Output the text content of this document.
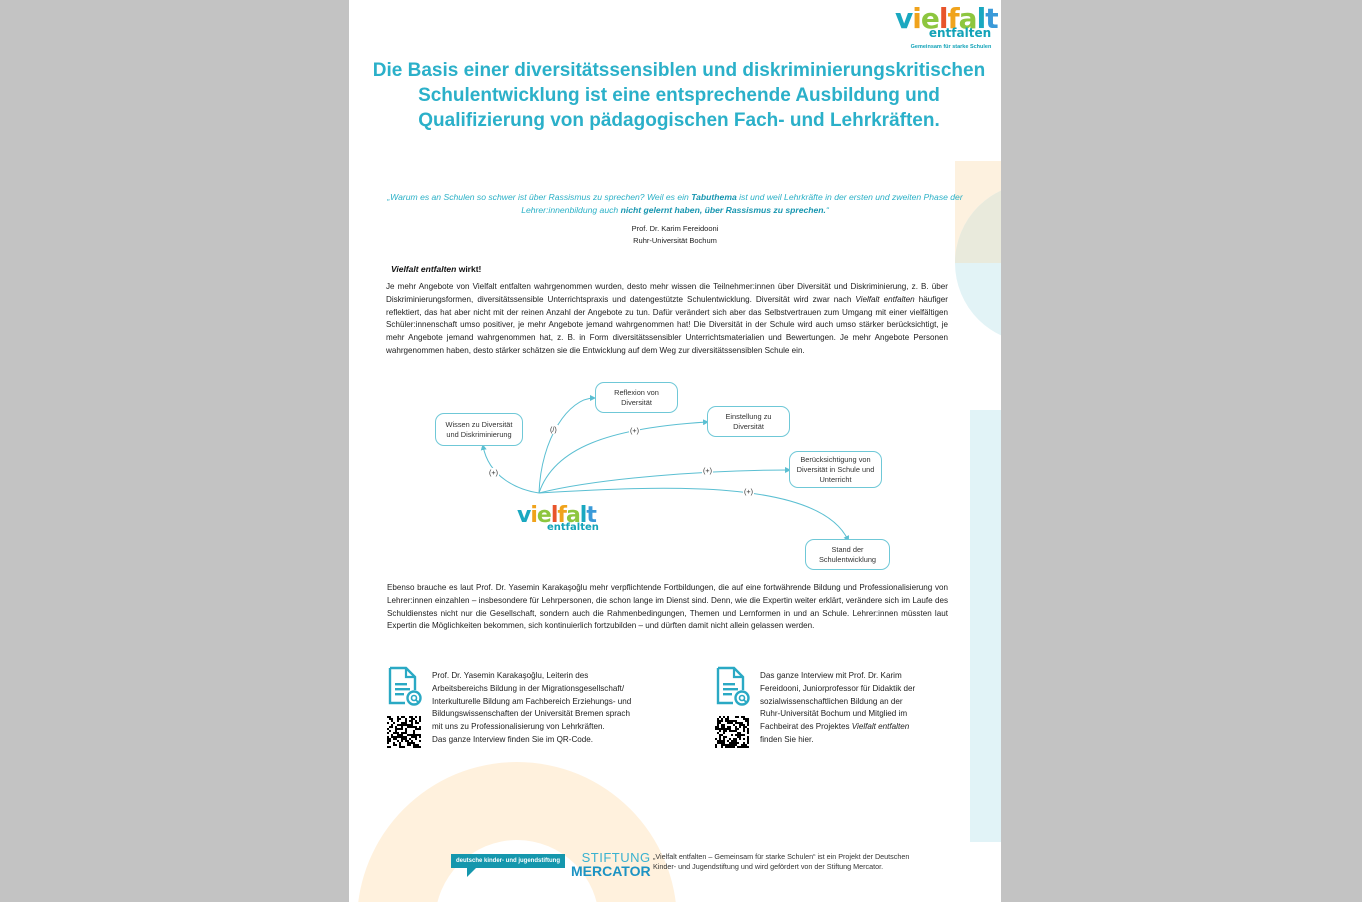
vielfalt
entfalten
Gemeinsam für starke Schulen
Die Basis einer diversitätssensiblen und diskriminierungskritischen Schulentwicklung ist eine entsprechende Ausbildung und Qualifizierung von pädagogischen Fach- und Lehrkräften.
„Warum es an Schulen so schwer ist über Rassismus zu sprechen? Weil es ein Tabuthema ist und weil Lehrkräfte in der ersten und zweiten Phase der Lehrer:innenbildung auch nicht gelernt haben, über Rassismus zu sprechen.“
Prof. Dr. Karim Fereidooni
Ruhr-Universität Bochum
Vielfalt entfalten wirkt!
Je mehr Angebote von Vielfalt entfalten wahrgenommen wurden, desto mehr wissen die Teilnehmer:innen über Diversität und Diskriminierung, z. B. über Diskriminierungsformen, diversitätssensible Unterrichtspraxis und datengestützte Schulentwicklung. Diversität wird zwar nach Vielfalt entfalten häufiger reflektiert, das hat aber nicht mit der reinen Anzahl der Angebote zu tun. Dafür verändert sich aber das Selbstvertrauen zum Umgang mit einer vielfältigen Schüler:innenschaft umso positiver, je mehr Angebote jemand wahrgenommen hat! Die Diversität in der Schule wird auch umso stärker berücksichtigt, je mehr Angebote jemand wahrgenommen hat, z. B. in Form diversitätssensibler Unterrichtsmaterialien und Bewertungen. Je mehr Angebote Personen wahrgenommen haben, desto stärker schätzen sie die Entwicklung auf dem Weg zur diversitätssensiblen Schule ein.
Wissen zu Diversität und Diskriminierung
Reflexion von Diversität
Einstellung zu Diversität
Berücksichtigung von Diversität in Schule und Unterricht
Stand der Schulentwicklung
(+)
(/)	(+)
(+)
(+)
vielfalt
entfalten
Ebenso brauche es laut Prof. Dr. Yasemin Karakaşoğlu mehr verpflichtende Fortbildungen, die auf eine fortwährende Bildung und Professionalisierung von Lehrer:innen einzahlen – insbesondere für Lehrpersonen, die schon lange im Dienst sind. Denn, wie die Expertin weiter erklärt, verändere sich im Laufe des Schuldienstes nicht nur die Gesellschaft, sondern auch die Rahmenbedingungen, Themen und Lernformen in und an Schule. Lehrer:innen müssten laut Expertin die Möglichkeiten bekommen, sich kontinuierlich fortzubilden – und dürften damit nicht allein gelassen werden.
Prof. Dr. Yasemin Karakaşoğlu, Leiterin des
Arbeitsbereichs Bildung in der Migrationsgesellschaft/
Interkulturelle Bildung am Fachbereich Erziehungs- und
Bildungswissenschaften der Universität Bremen sprach
mit uns zu Professionalisierung von Lehrkräften.
Das ganze Interview finden Sie im QR-Code.
Das ganze Interview mit Prof. Dr. Karim
Fereidooni, Juniorprofessor für Didaktik der
sozialwissenschaftlichen Bildung an der
Ruhr-Universität Bochum und Mitglied im
Fachbeirat des Projektes Vielfalt entfalten
finden Sie hier.
deutsche kinder- und jugendstiftung	STIFTUNG
MERCATOR
„Vielfalt entfalten – Gemeinsam für starke Schulen“ ist ein Projekt der Deutschen Kinder- und Jugendstiftung und wird gefördert von der Stiftung Mercator.
